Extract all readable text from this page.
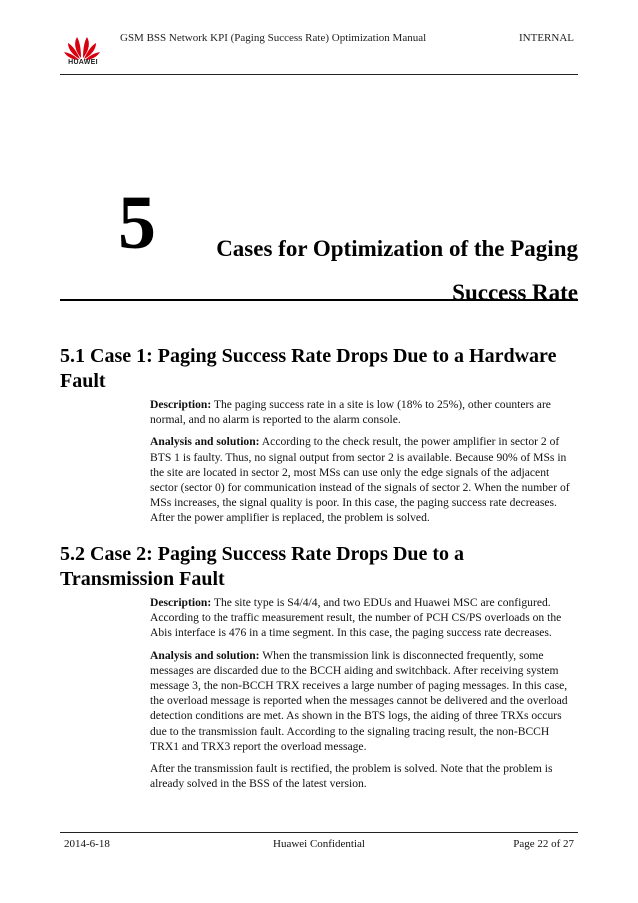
HUAWEI
GSM BSS Network KPI (Paging Success Rate) Optimization Manual	INTERNAL
5	Cases for Optimization of the Paging
Success Rate
5.1 Case 1: Paging Success Rate Drops Due to a Hardware
Fault

Description: The paging success rate in a site is low (18% to 25%), other counters are normal, and no alarm is reported to the alarm console.

Analysis and solution: According to the check result, the power amplifier in sector 2 of BTS 1 is faulty. Thus, no signal output from sector 2 is available. Because 90% of MSs in the site are located in sector 2, most MSs can use only the edge signals of the adjacent sector (sector 0) for communication instead of the signals of sector 2. When the number of MSs increases, the signal quality is poor. In this case, the paging success rate decreases. After the power amplifier is replaced, the problem is solved.

5.2 Case 2: Paging Success Rate Drops Due to a
Transmission Fault

Description: The site type is S4/4/4, and two EDUs and Huawei MSC are configured. According to the traffic measurement result, the number of PCH CS/PS overloads on the Abis interface is 476 in a time segment. In this case, the paging success rate decreases.

Analysis and solution: When the transmission link is disconnected frequently, some messages are discarded due to the BCCH aiding and switchback. After receiving system message 3, the non-BCCH TRX receives a large number of paging messages. In this case, the overload message is reported when the messages cannot be delivered and the overload detection conditions are met. As shown in the BTS logs, the aiding of three TRXs occurs due to the transmission fault. According to the signaling tracing result, the non-BCCH TRX1 and TRX3 report the overload message.

After the transmission fault is rectified, the problem is solved. Note that the problem is already solved in the BSS of the latest version.

2014-6-18	Huawei Confidential	Page 22 of 27
